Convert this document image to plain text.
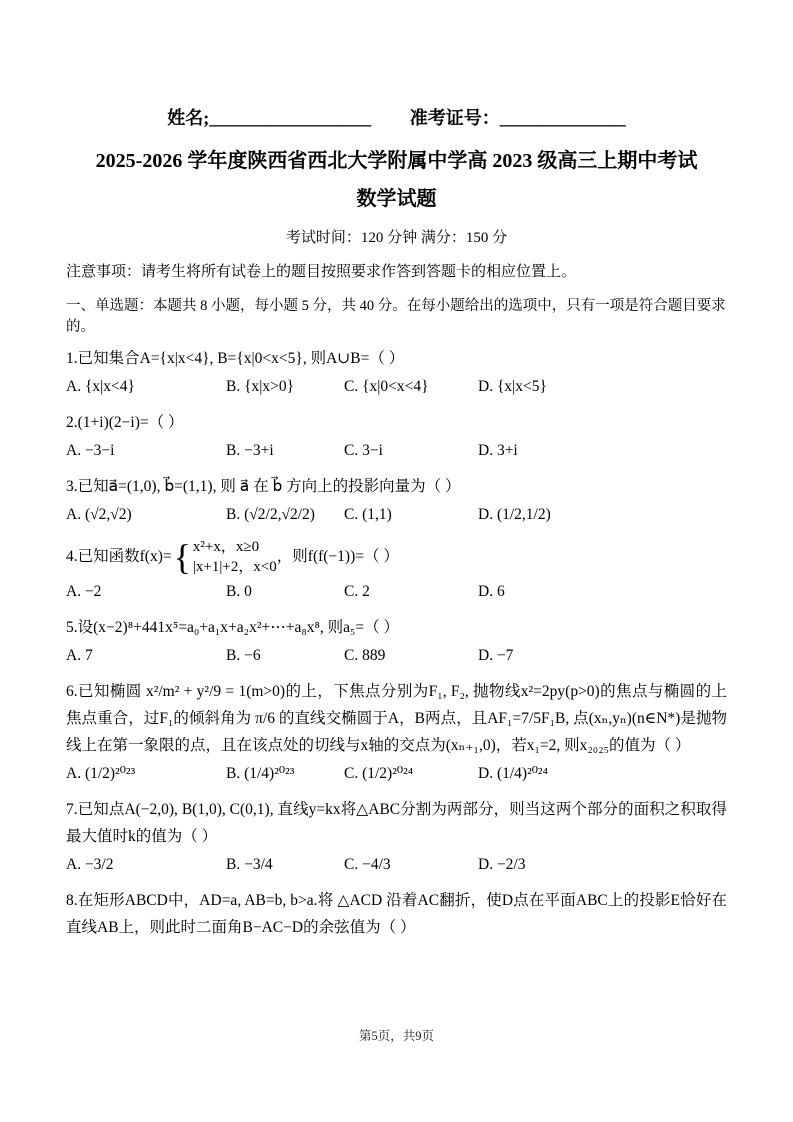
姓名;__________________ 准考证号：______________
2025-2026 学年度陕西省西北大学附属中学高 2023 级高三上期中考试
数学试题
考试时间：120 分钟 满分：150 分
注意事项：请考生将所有试卷上的题目按照要求作答到答题卡的相应位置上。
一、单选题：本题共 8 小题，每小题 5 分，共 40 分。在每小题给出的选项中，只有一项是符合题目要求的。
1.已知集合A={x|x<4}, B={x|0<x<5}, 则A∪B=（ ）
A. {x|x<4}	B. {x|x>0}	C. {x|0<x<4}	D. {x|x<5}
2.(1+i)(2−i)=（ ）
A. −3−i	B. −3+i	C. 3−i	D. 3+i
3.已知a⃗=(1,0), b⃗=(1,1), 则 a⃗ 在 b⃗ 方向上的投影向量为（ ）
A. (√2,√2)	B. (√2/2,√2/2)	C. (1,1)	D. (1/2,1/2)
4.已知函数f(x)= { x²+x，x≥0
|x+1|+2，x<0
，则f(f(−1))=（ ）
A. −2	B. 0	C. 2	D. 6
5.设(x−2)⁸+441x⁵=a₀+a₁x+a₂x²+⋯+a₈x⁸, 则a₅=（ ）
A. 7	B. −6	C. 889	D. −7
6.已知椭圆 x²/m² + y²/9 = 1(m>0)的上，下焦点分别为F₁, F₂, 抛物线x²=2py(p>0)的焦点与椭圆的上焦点重合，过F₁的倾斜角为 π/6 的直线交椭圆于A，B两点，且AF₁=7/5F₁B, 点(xₙ,yₙ)(n∈N*)是抛物线上在第一象限的点，且在该点处的切线与x轴的交点为(xₙ₊₁,0)，若x₁=2, 则x₂₀₂₅的值为（ ）
A. (1/2)²⁰²³	B. (1/4)²⁰²³	C. (1/2)²⁰²⁴	D. (1/4)²⁰²⁴
7.已知点A(−2,0), B(1,0), C(0,1), 直线y=kx将△ABC分割为两部分，则当这两个部分的面积之积取得最大值时k的值为（ ）
A. −3/2	B. −3/4	C. −4/3	D. −2/3
8.在矩形ABCD中，AD=a, AB=b, b>a.将 △ACD 沿着AC翻折，使D点在平面ABC上的投影E恰好在直线AB上，则此时二面角B−AC−D的余弦值为（ ）
第5页，共9页
